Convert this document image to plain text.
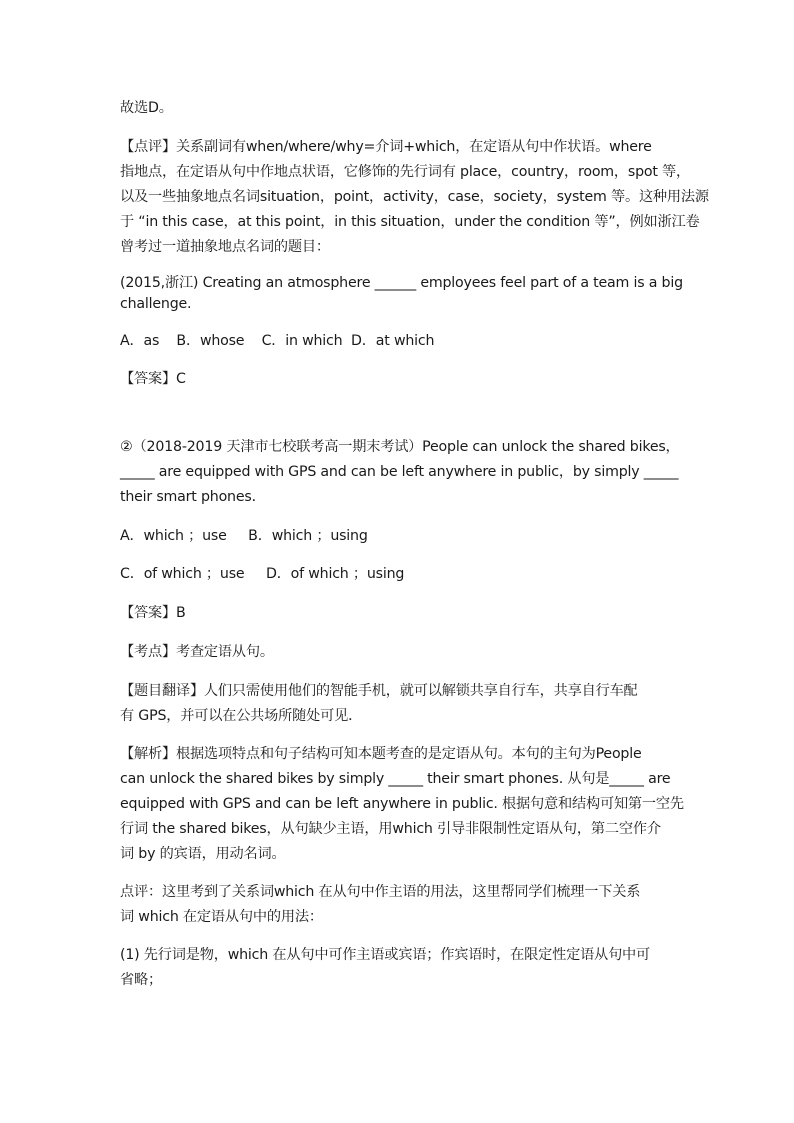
故选D。

【点评】关系副词有when/where/why=介词+which，在定语从句中作状语。where

指地点，在定语从句中作地点状语，它修饰的先行词有 place，country，room，spot 等，

以及一些抽象地点名词situation，point，activity，case，society，system 等。这种用法源

于 “in this case，at this point，in this situation，under the condition 等”，例如浙江卷

曾考过一道抽象地点名词的题目：

(2015,浙江) Creating an atmosphere ______ employees feel part of a team is a big

challenge.

A．as    B．whose    C．in which  D．at which

【答案】C

②（2018-2019 天津市七校联考高一期末考试）People can unlock the shared bikes，

_____ are equipped with GPS and can be left anywhere in public，by simply _____

their smart phones．

A．which ；use     B．which ；using

C．of which ；use     D．of which ；using

【答案】B

【考点】考查定语从句。

【题目翻译】人们只需使用他们的智能手机，就可以解锁共享自行车，共享自行车配

有 GPS，并可以在公共场所随处可见．

【解析】根据选项特点和句子结构可知本题考查的是定语从句。本句的主句为People

can unlock the shared bikes by simply _____ their smart phones. 从句是_____ are

equipped with GPS and can be left anywhere in public. 根据句意和结构可知第一空先

行词 the shared bikes，从句缺少主语，用which 引导非限制性定语从句，第二空作介

词 by 的宾语，用动名词。

点评：这里考到了关系词which 在从句中作主语的用法，这里帮同学们梳理一下关系

词 which 在定语从句中的用法：

(1) 先行词是物，which 在从句中可作主语或宾语；作宾语时，在限定性定语从句中可

省略；
